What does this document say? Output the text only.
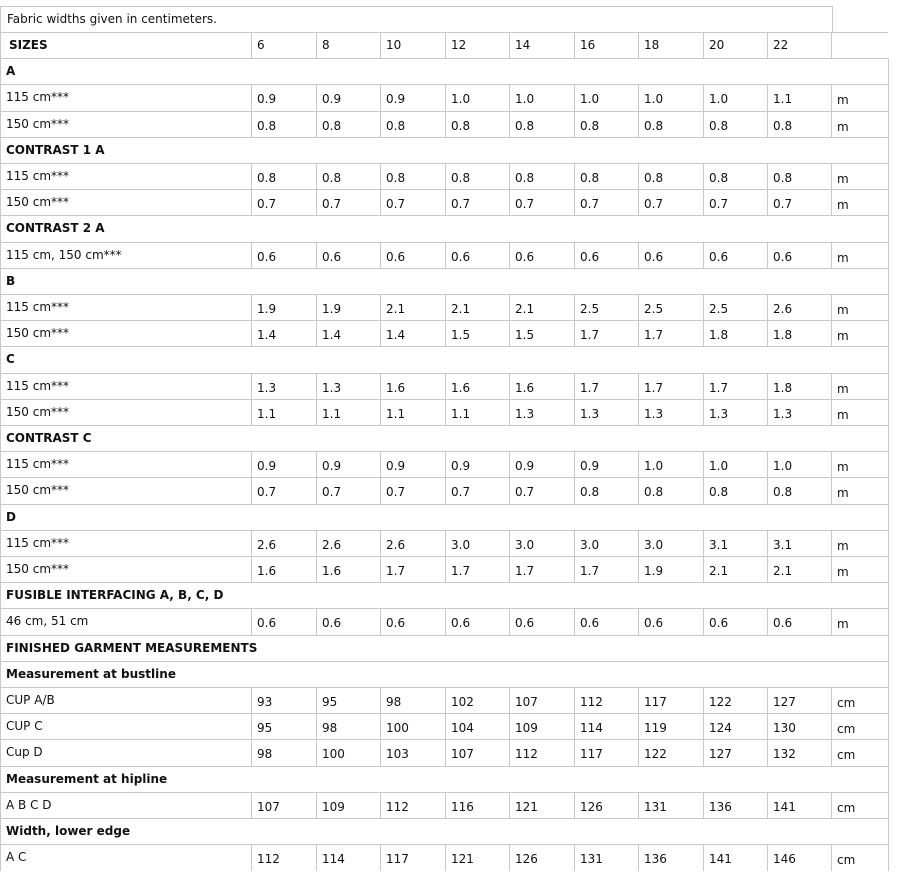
Fabric widths given in centimeters.
SIZES	6	8	10	12	14	16	18	20	22
A
115 cm***	0.9	0.9	0.9	1.0	1.0	1.0	1.0	1.0	1.1	m
150 cm***	0.8	0.8	0.8	0.8	0.8	0.8	0.8	0.8	0.8	m
CONTRAST 1 A
115 cm***	0.8	0.8	0.8	0.8	0.8	0.8	0.8	0.8	0.8	m
150 cm***	0.7	0.7	0.7	0.7	0.7	0.7	0.7	0.7	0.7	m
CONTRAST 2 A
115 cm, 150 cm***	0.6	0.6	0.6	0.6	0.6	0.6	0.6	0.6	0.6	m
B
115 cm***	1.9	1.9	2.1	2.1	2.1	2.5	2.5	2.5	2.6	m
150 cm***	1.4	1.4	1.4	1.5	1.5	1.7	1.7	1.8	1.8	m
C
115 cm***	1.3	1.3	1.6	1.6	1.6	1.7	1.7	1.7	1.8	m
150 cm***	1.1	1.1	1.1	1.1	1.3	1.3	1.3	1.3	1.3	m
CONTRAST C
115 cm***	0.9	0.9	0.9	0.9	0.9	0.9	1.0	1.0	1.0	m
150 cm***	0.7	0.7	0.7	0.7	0.7	0.8	0.8	0.8	0.8	m
D
115 cm***	2.6	2.6	2.6	3.0	3.0	3.0	3.0	3.1	3.1	m
150 cm***	1.6	1.6	1.7	1.7	1.7	1.7	1.9	2.1	2.1	m
FUSIBLE INTERFACING A, B, C, D
46 cm, 51 cm	0.6	0.6	0.6	0.6	0.6	0.6	0.6	0.6	0.6	m
FINISHED GARMENT MEASUREMENTS
Measurement at bustline
CUP A/B	93	95	98	102	107	112	117	122	127	cm
CUP C	95	98	100	104	109	114	119	124	130	cm
Cup D	98	100	103	107	112	117	122	127	132	cm
Measurement at hipline
A B C D	107	109	112	116	121	126	131	136	141	cm
Width, lower edge
A C	112	114	117	121	126	131	136	141	146	cm
